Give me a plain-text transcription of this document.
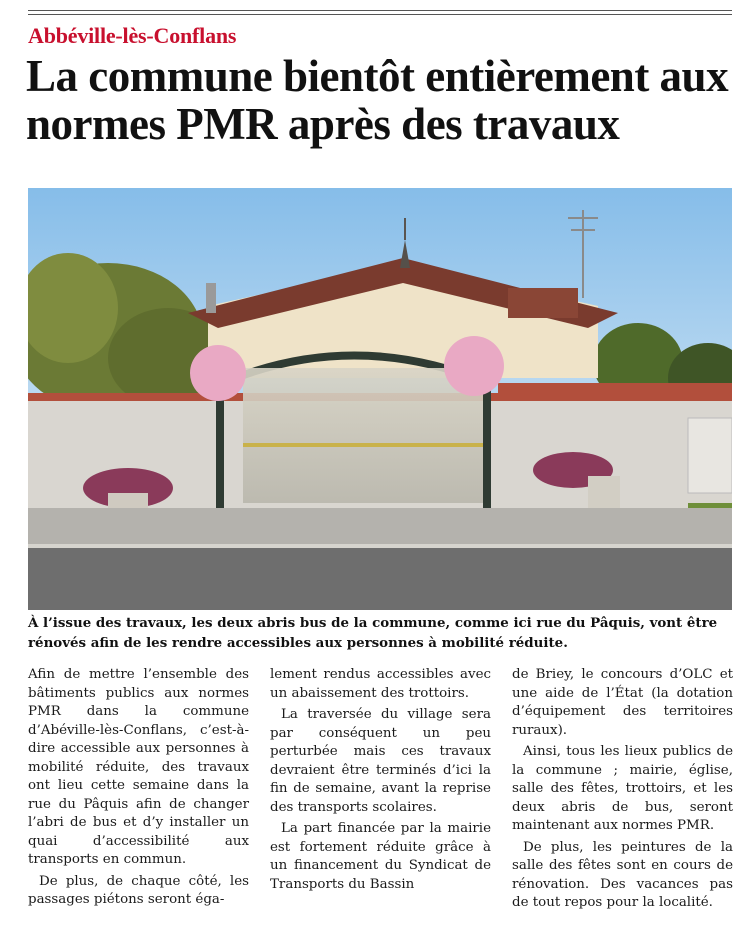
Abbéville-lès-Conflans
La commune bientôt entièrement aux normes PMR après des travaux

À l’issue des travaux, les deux abris bus de la commune, comme ici rue du Pâquis, vont être rénovés afin de les rendre accessibles aux personnes à mobilité réduite.

Afin de mettre l’ensemble des bâtiments publics aux normes PMR dans la commune d’Abéville-lès-Conflans, c’est-à-dire accessible aux personnes à mobilité réduite, des travaux ont lieu cette semaine dans la rue du Pâquis afin de changer l’abri de bus et d’y installer un quai d’accessibilité aux transports en commun.

De plus, de chaque côté, les passages piétons seront éga-

lement rendus accessibles avec un abaissement des trottoirs.

La traversée du village sera par conséquent un peu perturbée mais ces travaux devraient être terminés d’ici la fin de semaine, avant la reprise des transports scolaires.

La part financée par la mairie est fortement réduite grâce à un financement du Syndicat de Transports du Bassin

de Briey, le concours d’OLC et une aide de l’État (la dotation d’équipement des territoires ruraux).

Ainsi, tous les lieux publics de la commune ; mairie, église, salle des fêtes, trottoirs, et les deux abris de bus, seront maintenant aux normes PMR.

De plus, les peintures de la salle des fêtes sont en cours de rénovation. Des vacances pas de tout repos pour la localité.
